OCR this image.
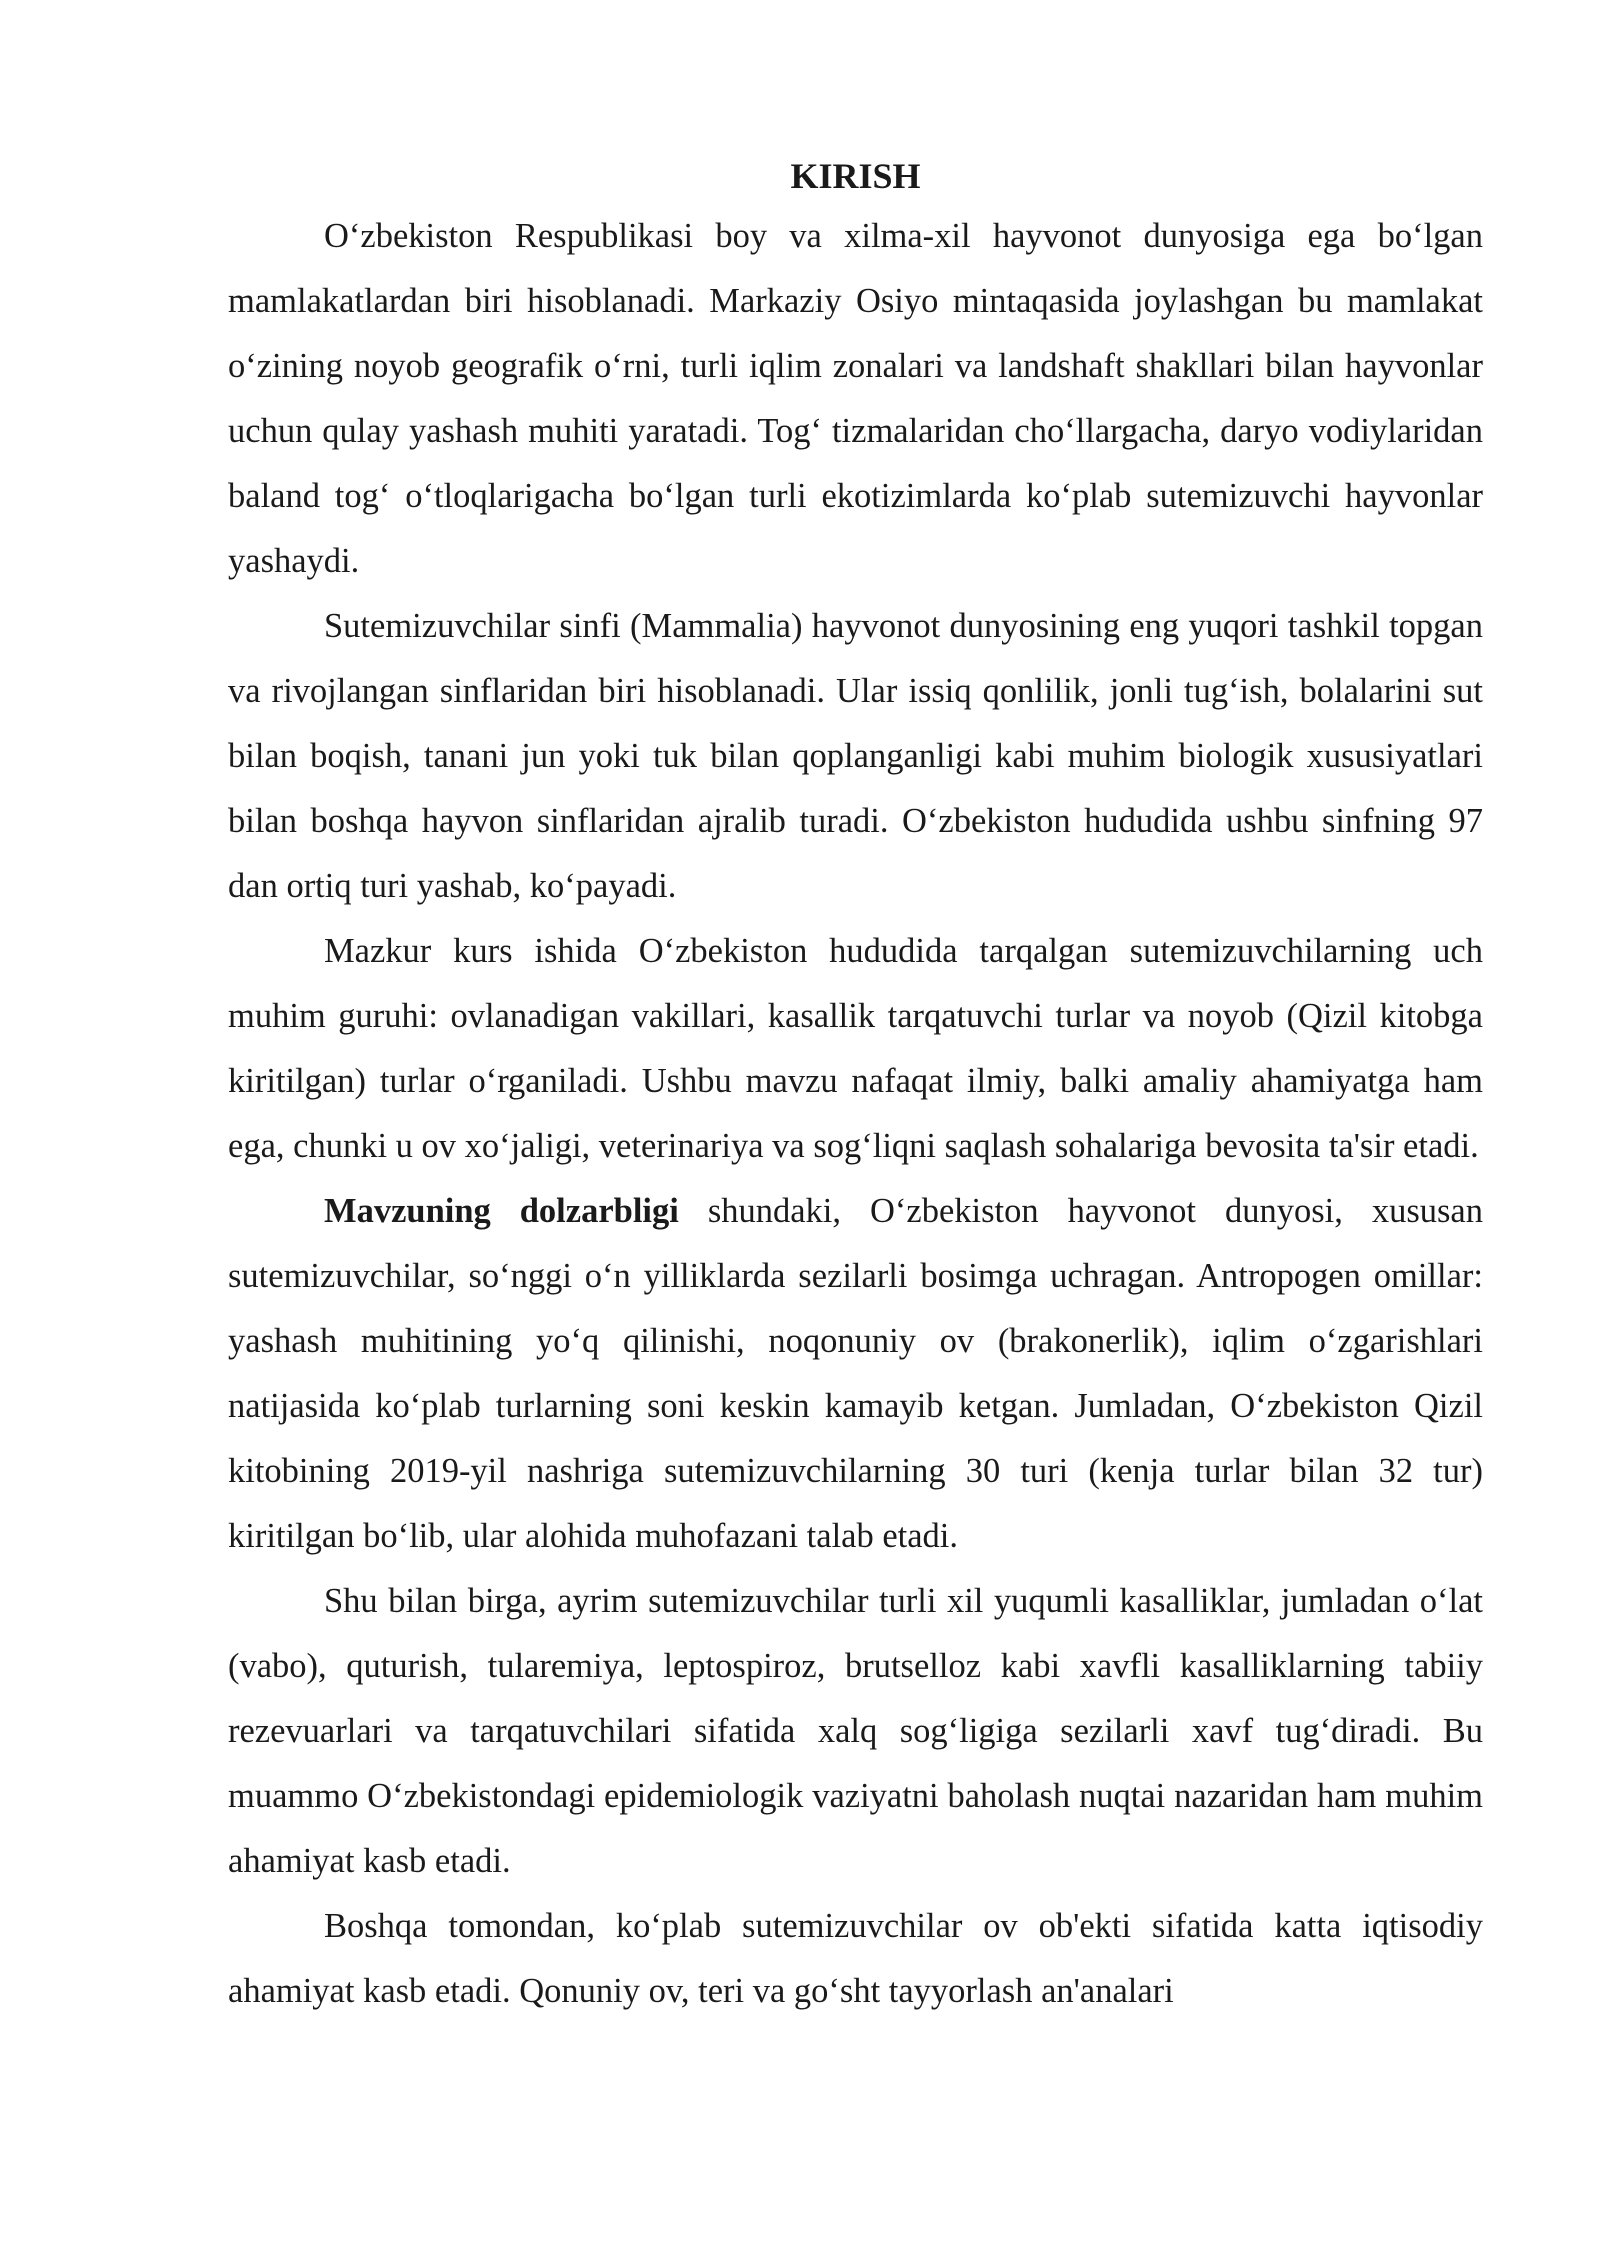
KIRISH

O‘zbekiston Respublikasi boy va xilma-xil hayvonot dunyosiga ega bo‘lgan mamlakatlardan biri hisoblanadi. Markaziy Osiyo mintaqasida joylashgan bu mamlakat o‘zining noyob geografik o‘rni, turli iqlim zonalari va landshaft shakllari bilan hayvonlar uchun qulay yashash muhiti yaratadi. Tog‘ tizmalaridan cho‘llargacha, daryo vodiylaridan baland tog‘ o‘tloqlarigacha bo‘lgan turli ekotizimlarda ko‘plab sutemizuvchi hayvonlar yashaydi.

Sutemizuvchilar sinfi (Mammalia) hayvonot dunyosining eng yuqori tashkil topgan va rivojlangan sinflaridan biri hisoblanadi. Ular issiq qonlilik, jonli tug‘ish, bolalarini sut bilan boqish, tanani jun yoki tuk bilan qoplanganligi kabi muhim biologik xususiyatlari bilan boshqa hayvon sinflaridan ajralib turadi. O‘zbekiston hududida ushbu sinfning 97 dan ortiq turi yashab, ko‘payadi.

Mazkur kurs ishida O‘zbekiston hududida tarqalgan sutemizuvchilarning uch muhim guruhi: ovlanadigan vakillari, kasallik tarqatuvchi turlar va noyob (Qizil kitobga kiritilgan) turlar o‘rganiladi. Ushbu mavzu nafaqat ilmiy, balki amaliy ahamiyatga ham ega, chunki u ov xo‘jaligi, veterinariya va sog‘liqni saqlash sohalariga bevosita ta'sir etadi.

Mavzuning dolzarbligi shundaki, O‘zbekiston hayvonot dunyosi, xususan sutemizuvchilar, so‘nggi o‘n yilliklarda sezilarli bosimga uchragan. Antropogen omillar: yashash muhitining yo‘q qilinishi, noqonuniy ov (brakonerlik), iqlim o‘zgarishlari natijasida ko‘plab turlarning soni keskin kamayib ketgan. Jumladan, O‘zbekiston Qizil kitobining 2019-yil nashriga sutemizuvchilarning 30 turi (kenja turlar bilan 32 tur) kiritilgan bo‘lib, ular alohida muhofazani talab etadi.

Shu bilan birga, ayrim sutemizuvchilar turli xil yuqumli kasalliklar, jumladan o‘lat (vabo), quturish, tularemiya, leptospiroz, brutselloz kabi xavfli kasalliklarning tabiiy rezevuarlari va tarqatuvchilari sifatida xalq sog‘ligiga sezilarli xavf tug‘diradi. Bu muammo O‘zbekistondagi epidemiologik vaziyatni baholash nuqtai nazaridan ham muhim ahamiyat kasb etadi.

Boshqa tomondan, ko‘plab sutemizuvchilar ov ob'ekti sifatida katta iqtisodiy ahamiyat kasb etadi. Qonuniy ov, teri va go‘sht tayyorlash an'analari
